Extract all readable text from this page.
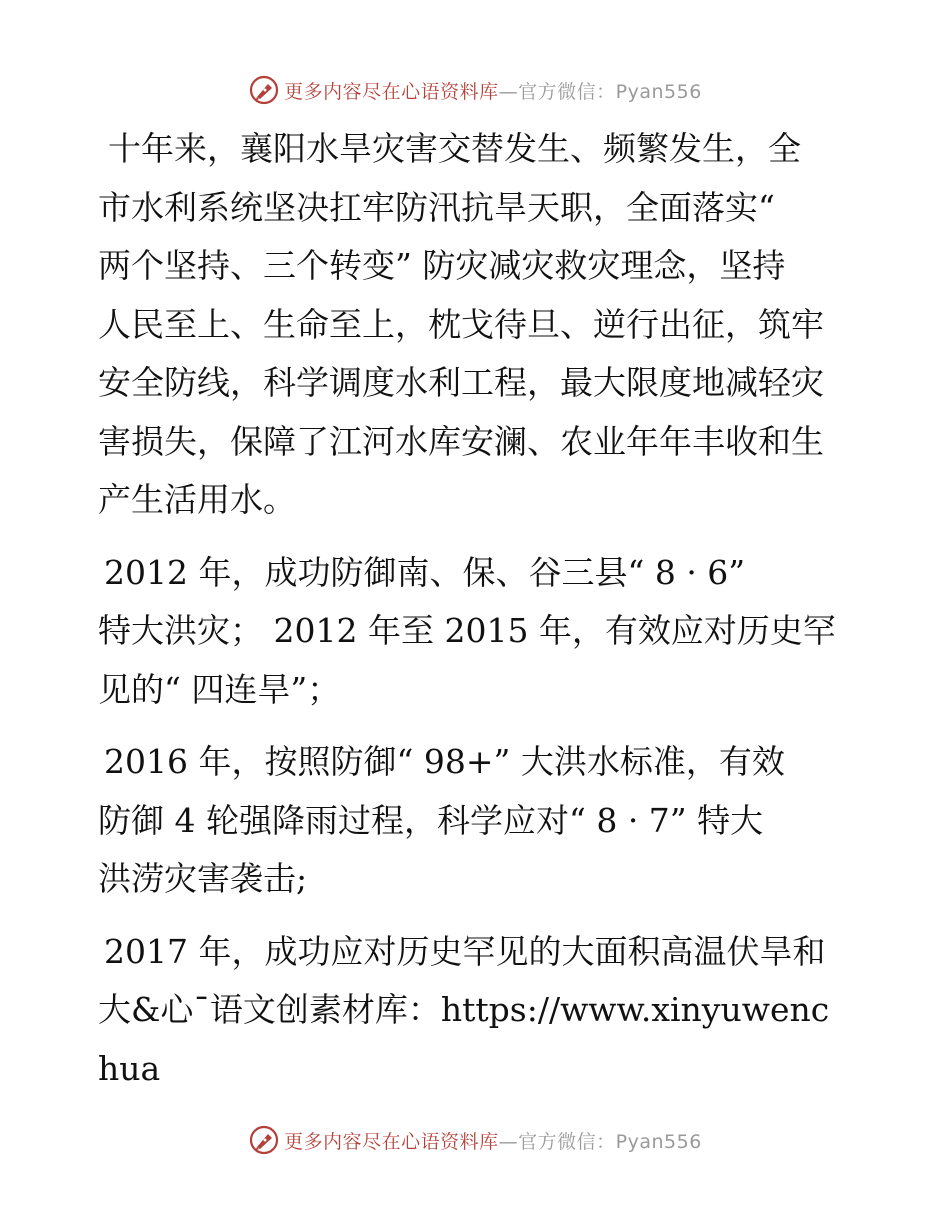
更多内容尽在心语资料库 —官方微信：Pyan556

十年来，襄阳水旱灾害交替发生、频繁发生，全
市水利系统坚决扛牢防汛抗旱天职，全面落实“
两个坚持、三个转变” 防灾减灾救灾理念，坚持
人民至上、生命至上，枕戈待旦、逆行出征，筑牢
安全防线，科学调度水利工程，最大限度地减轻灾
害损失，保障了江河水库安澜、农业年年丰收和生
产生活用水。

2012 年，成功防御南、保、谷三县“ 8 · 6”
特大洪灾； 2012 年至 2015 年，有效应对历史罕
见的“ 四连旱”；

2016 年，按照防御“ 98+” 大洪水标准，有效
防御 4 轮强降雨过程，科学应对“ 8 · 7” 特大
洪涝灾害袭击;

2017 年，成功应对历史罕见的大面积高温伏旱和
大&心¯语文创素材库：https://www.xinyuwenchua

更多内容尽在心语资料库 —官方微信：Pyan556
